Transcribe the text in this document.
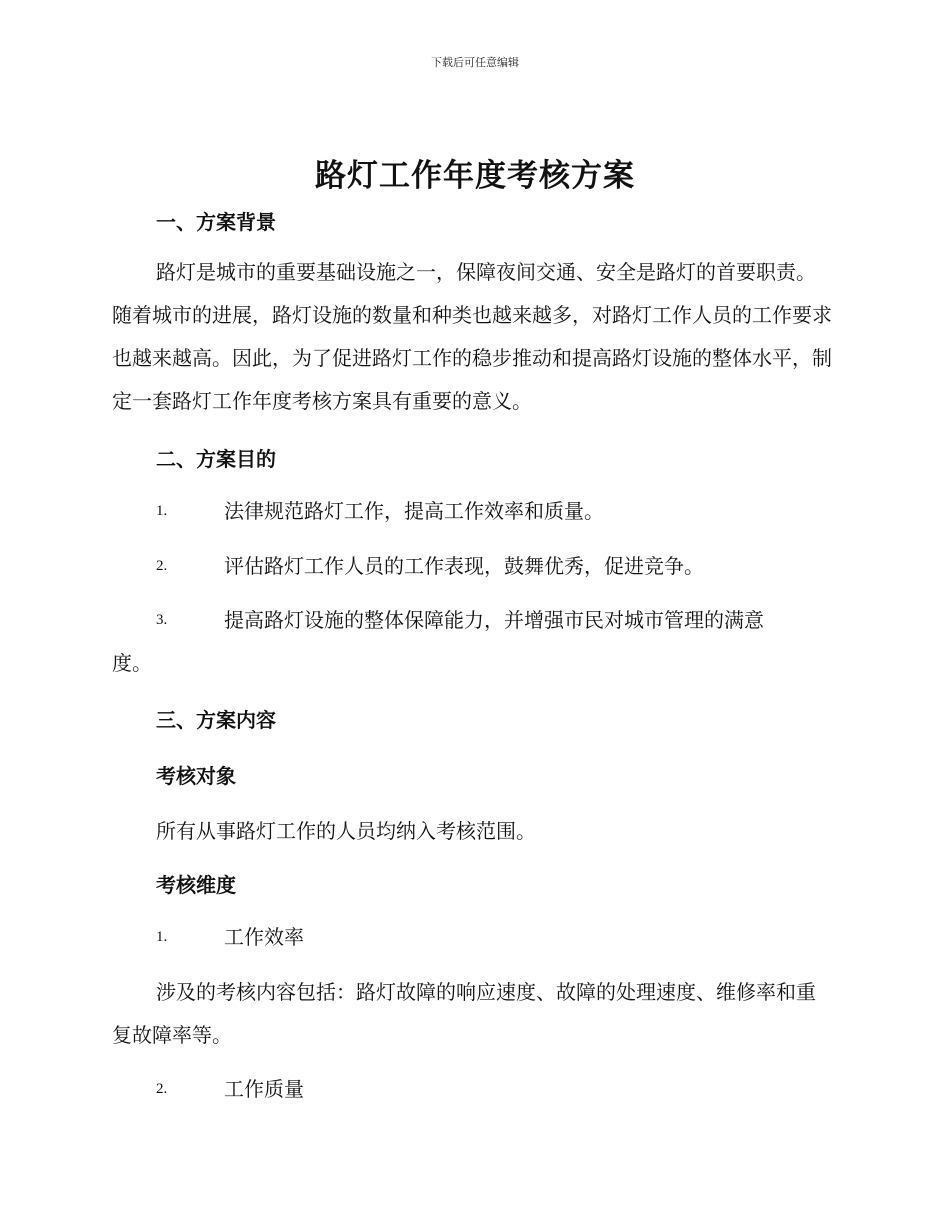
下载后可任意编辑
路灯工作年度考核方案
一、方案背景

路灯是城市的重要基础设施之一，保障夜间交通、安全是路灯的首要职责。随着城市的进展，路灯设施的数量和种类也越来越多，对路灯工作人员的工作要求也越来越高。因此，为了促进路灯工作的稳步推动和提高路灯设施的整体水平，制定一套路灯工作年度考核方案具有重要的意义。

二、方案目的
1.	法律规范路灯工作，提高工作效率和质量。
2.	评估路灯工作人员的工作表现，鼓舞优秀，促进竞争。
3.	提高路灯设施的整体保障能力，并增强市民对城市管理的满意
度。
三、方案内容
考核对象
所有从事路灯工作的人员均纳入考核范围。
考核维度
1.	工作效率

涉及的考核内容包括：路灯故障的响应速度、故障的处理速度、维修率和重复故障率等。

2.	工作质量
